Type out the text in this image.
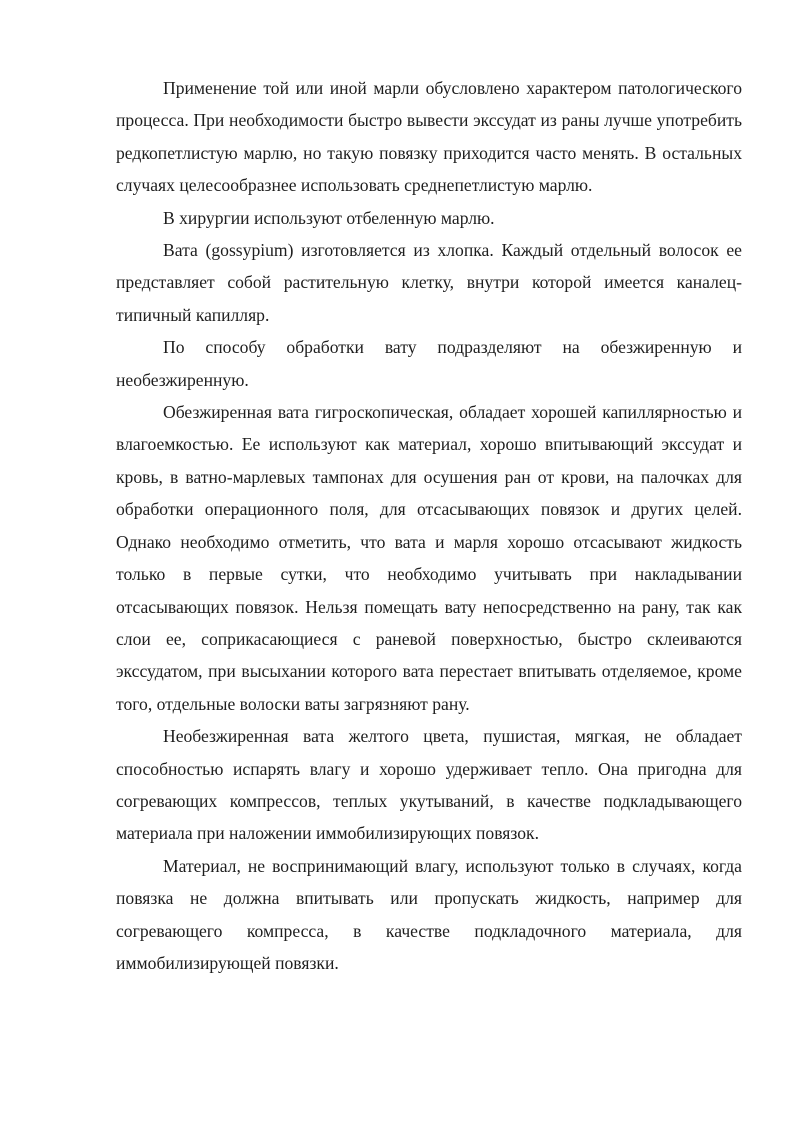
Применение той или иной марли обусловлено характером патологического процесса. При необходимости быстро вывести экссудат из раны лучше употребить редкопетлистую марлю, но такую повязку приходится часто менять. В остальных случаях целесообразнее использовать среднепетлистую марлю.

В хирургии используют отбеленную марлю.

Вата (gossypium) изготовляется из хлопка. Каждый отдельный волосок ее представляет собой растительную клетку, внутри которой имеется каналец-типичный капилляр.

По способу обработки вату подразделяют на обезжиренную и необезжиренную.

Обезжиренная вата гигроскопическая, обладает хорошей капиллярностью и влагоемкостью. Ее используют как материал, хорошо впитывающий экссудат и кровь, в ватно-марлевых тампонах для осушения ран от крови, на палочках для обработки операционного поля, для отсасывающих повязок и других целей. Однако необходимо отметить, что вата и марля хорошо отсасывают жидкость только в первые сутки, что необходимо учитывать при накладывании отсасывающих повязок. Нельзя помещать вату непосредственно на рану, так как слои ее, соприкасающиеся с раневой поверхностью, быстро склеиваются экссудатом, при высыхании которого вата перестает впитывать отделяемое, кроме того, отдельные волоски ваты загрязняют рану.

Необезжиренная вата желтого цвета, пушистая, мягкая, не обладает способностью испарять влагу и хорошо удерживает тепло. Она пригодна для согревающих компрессов, теплых укутываний, в качестве подкладывающего материала при наложении иммобилизирующих повязок.

Материал, не воспринимающий влагу, используют только в случаях, когда повязка не должна впитывать или пропускать жидкость, например для согревающего компресса, в качестве подкладочного материала, для иммобилизирующей повязки.
